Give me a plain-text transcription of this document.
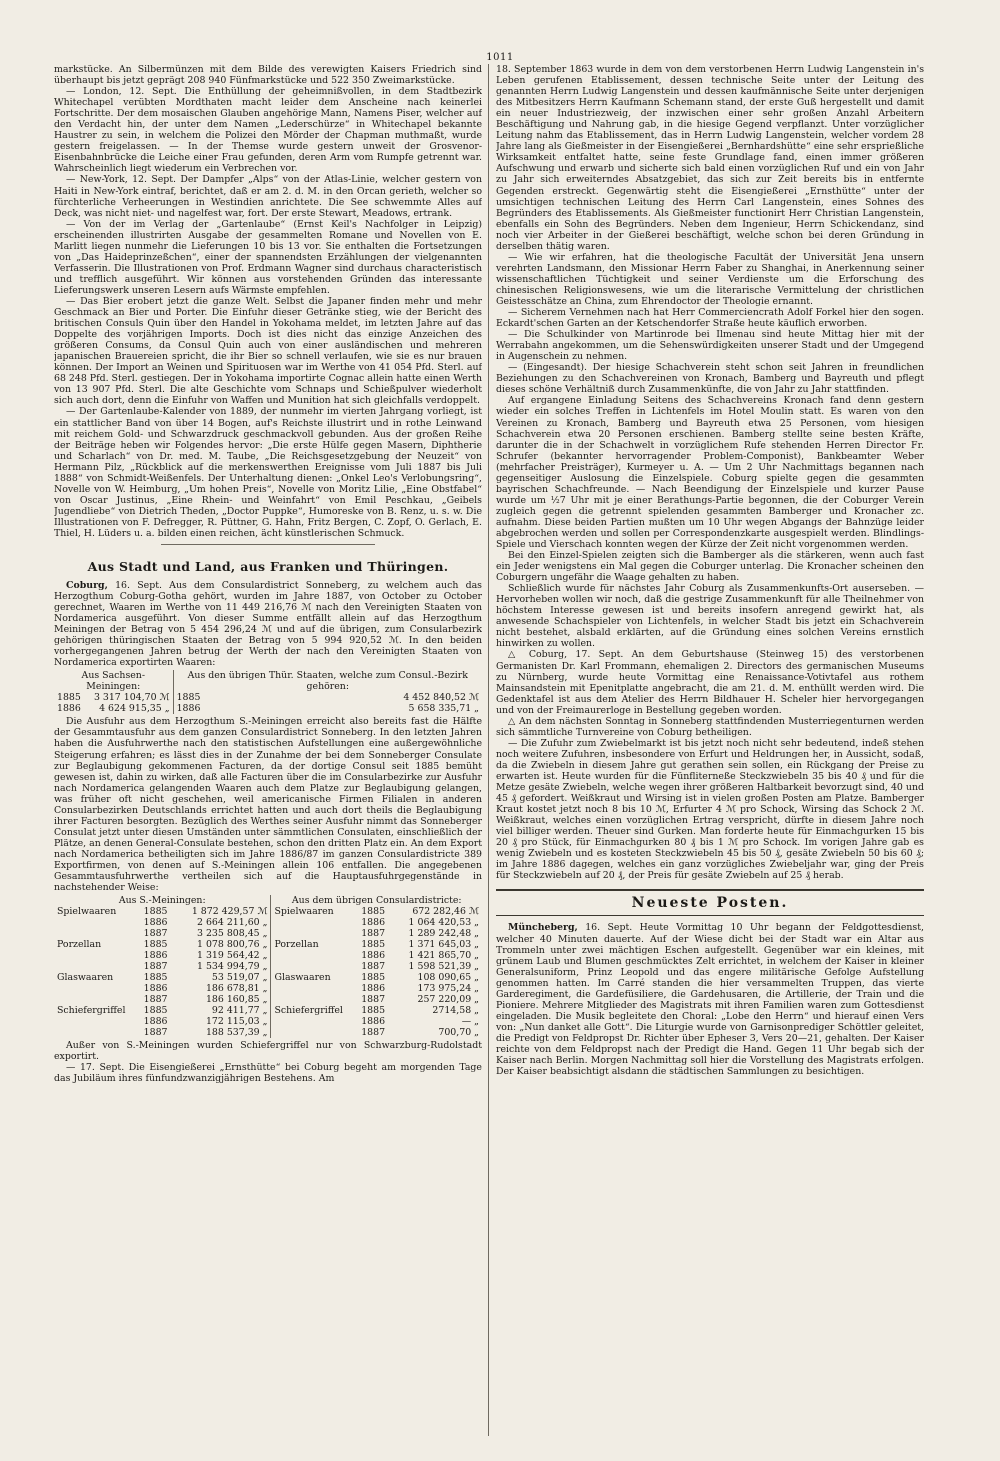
1011

markstücke. An Silbermünzen mit dem Bilde des verewigten Kaisers Friedrich sind überhaupt bis jetzt geprägt 208 940 Fünfmarkstücke und 522 350 Zweimarkstücke.

— London, 12. Sept. Die Enthüllung der geheimnißvollen, in dem Stadtbezirk Whitechapel verübten Mordthaten macht leider dem Anscheine nach keinerlei Fortschritte. Der dem mosaischen Glauben angehörige Mann, Namens Piser, welcher auf den Verdacht hin, der unter dem Namen „Lederschürze“ in Whitechapel bekannte Haustrer zu sein, in welchem die Polizei den Mörder der Chapman muthmaßt, wurde gestern freigelassen. — In der Themse wurde gestern unweit der Grosvenor-Eisenbahnbrücke die Leiche einer Frau gefunden, deren Arm vom Rumpfe getrennt war. Wahrscheinlich liegt wiederum ein Verbrechen vor.

— New-York, 12. Sept. Der Dampfer „Alps“ von der Atlas-Linie, welcher gestern von Haiti in New-York eintraf, berichtet, daß er am 2. d. M. in den Orcan gerieth, welcher so fürchterliche Verheerungen in Westindien anrichtete. Die See schwemmte Alles auf Deck, was nicht niet- und nagelfest war, fort. Der erste Stewart, Meadows, ertrank.

— Von der im Verlag der „Gartenlaube“ (Ernst Keil's Nachfolger in Leipzig) erscheinenden illustrirten Ausgabe der gesammelten Romane und Novellen von E. Marlitt liegen nunmehr die Lieferungen 10 bis 13 vor. Sie enthalten die Fortsetzungen von „Das Haideprinzeßchen“, einer der spannendsten Erzählungen der vielgenannten Verfasserin. Die Illustrationen von Prof. Erdmann Wagner sind durchaus characteristisch und trefflich ausgeführt. Wir können aus vorstehenden Gründen das interessante Lieferungswerk unseren Lesern aufs Wärmste empfehlen.

— Das Bier erobert jetzt die ganze Welt. Selbst die Japaner finden mehr und mehr Geschmack an Bier und Porter. Die Einfuhr dieser Getränke stieg, wie der Bericht des britischen Consuls Quin über den Handel in Yokohama meldet, im letzten Jahre auf das Doppelte des vorjährigen Imports. Doch ist dies nicht das einzige Anzeichen des größeren Consums, da Consul Quin auch von einer ausländischen und mehreren japanischen Brauereien spricht, die ihr Bier so schnell verlaufen, wie sie es nur brauen können. Der Import an Weinen und Spirituosen war im Werthe von 41 054 Pfd. Sterl. auf 68 248 Pfd. Sterl. gestiegen. Der in Yokohama importirte Cognac allein hatte einen Werth von 13 907 Pfd. Sterl. Die alte Geschichte vom Schnaps und Schießpulver wiederholt sich auch dort, denn die Einfuhr von Waffen und Munition hat sich gleichfalls verdoppelt.

— Der Gartenlaube-Kalender von 1889, der nunmehr im vierten Jahrgang vorliegt, ist ein stattlicher Band von über 14 Bogen, auf's Reichste illustrirt und in rothe Leinwand mit reichem Gold- und Schwarzdruck geschmackvoll gebunden. Aus der großen Reihe der Beiträge heben wir Folgendes hervor: „Die erste Hülfe gegen Masern, Diphtherie und Scharlach“ von Dr. med. M. Taube, „Die Reichsgesetzgebung der Neuzeit“ von Hermann Pilz, „Rückblick auf die merkenswerthen Ereignisse vom Juli 1887 bis Juli 1888“ von Schmidt-Weißenfels. Der Unterhaltung dienen: „Onkel Leo's Verlobungsring“, Novelle von W. Heimburg, „Um hohen Preis“, Novelle von Moritz Lilie, „Eine Obstfabel“ von Oscar Justinus, „Eine Rhein- und Weinfahrt“ von Emil Peschkau, „Geibels Jugendliebe“ von Dietrich Theden, „Doctor Puppke“, Humoreske von B. Renz, u. s. w. Die Illustrationen von F. Defregger, R. Püttner, G. Hahn, Fritz Bergen, C. Zopf, O. Gerlach, E. Thiel, H. Lüders u. a. bilden einen reichen, ächt künstlerischen Schmuck.

Aus Stadt und Land, aus Franken und Thüringen.

Coburg, 16. Sept. Aus dem Consulardistrict Sonneberg, zu welchem auch das Herzogthum Coburg-Gotha gehört, wurden im Jahre 1887, von October zu October gerechnet, Waaren im Werthe von 11 449 216,76 ℳ nach den Vereinigten Staaten von Nordamerica ausgeführt. Von dieser Summe entfällt allein auf das Herzogthum Meiningen der Betrag von 5 454 296,24 ℳ und auf die übrigen, zum Consularbezirk gehörigen thüringischen Staaten der Betrag von 5 994 920,52 ℳ. In den beiden vorhergegangenen Jahren betrug der Werth der nach den Vereinigten Staaten von Nordamerica exportirten Waaren:

Aus Sachsen-Meiningen:		Aus den übrigen Thür. Staaten, welche zum Consul.-Bezirk gehören:	
1885	3 317 104,70 ℳ	1885	4 452 840,52 ℳ
1886	4 624 915,35 „	1886	5 658 335,71 „

Die Ausfuhr aus dem Herzogthum S.-Meiningen erreicht also bereits fast die Hälfte der Gesammtausfuhr aus dem ganzen Consulardistrict Sonneberg. In den letzten Jahren haben die Ausfuhrwerthe nach den statistischen Aufstellungen eine außergewöhnliche Steigerung erfahren; es lässt dies in der Zunahme der bei dem Sonneberger Consulate zur Beglaubigung gekommenen Facturen, da der dortige Consul seit 1885 bemüht gewesen ist, dahin zu wirken, daß alle Facturen über die im Consularbezirke zur Ausfuhr nach Nordamerica gelangenden Waaren auch dem Platze zur Beglaubigung gelangen, was früher oft nicht geschehen, weil americanische Firmen Filialen in anderen Consularbezirken Deutschlands errichtet hatten und auch dort theils die Beglaubigung ihrer Facturen besorgten. Bezüglich des Werthes seiner Ausfuhr nimmt das Sonneberger Consulat jetzt unter diesen Umständen unter sämmtlichen Consulaten, einschließlich der Plätze, an denen General-Consulate bestehen, schon den dritten Platz ein. An dem Export nach Nordamerica betheiligten sich im Jahre 1886/87 im ganzen Consulardistricte 389 Exportfirmen, von denen auf S.-Meiningen allein 106 entfallen. Die angegebenen Gesammtausfuhrwerthe vertheilen sich auf die Hauptausfuhrgegenstände in nachstehender Weise:

Aus S.-Meiningen:			Aus dem übrigen Consulardistricte:		
Spielwaaren	1885	1 872 429,57 ℳ	Spielwaaren	1885	672 282,46 ℳ
	1886	2 664 211,60 „		1886	1 064 420,53 „
	1887	3 235 808,45 „		1887	1 289 242,48 „
Porzellan	1885	1 078 800,76 „	Porzellan	1885	1 371 645,03 „
	1886	1 319 564,42 „		1886	1 421 865,70 „
	1887	1 534 994,79 „		1887	1 598 521,39 „
Glaswaaren	1885	53 519,07 „	Glaswaaren	1885	108 090,65 „
	1886	186 678,81 „		1886	173 975,24 „
	1887	186 160,85 „		1887	257 220,09 „
Schiefergriffel	1885	92 411,77 „	Schiefergriffel	1885	2714,58 „
	1886	172 115,03 „		1886	— „
	1887	188 537,39 „		1887	700,70 „

Außer von S.-Meiningen wurden Schiefergriffel nur von Schwarzburg-Rudolstadt exportirt.

— 17. Sept. Die Eisengießerei „Ernsthütte“ bei Coburg begeht am morgenden Tage das Jubiläum ihres fünfundzwanzigjährigen Bestehens. Am

18. September 1863 wurde in dem von dem verstorbenen Herrn Ludwig Langenstein in's Leben gerufenen Etablissement, dessen technische Seite unter der Leitung des genannten Herrn Ludwig Langenstein und dessen kaufmännische Seite unter derjenigen des Mitbesitzers Herrn Kaufmann Schemann stand, der erste Guß hergestellt und damit ein neuer Industriezweig, der inzwischen einer sehr großen Anzahl Arbeitern Beschäftigung und Nahrung gab, in die hiesige Gegend verpflanzt. Unter vorzüglicher Leitung nahm das Etablissement, das in Herrn Ludwig Langenstein, welcher vordem 28 Jahre lang als Gießmeister in der Eisengießerei „Bernhardshütte“ eine sehr ersprießliche Wirksamkeit entfaltet hatte, seine feste Grundlage fand, einen immer größeren Aufschwung und erwarb und sicherte sich bald einen vorzüglichen Ruf und ein von Jahr zu Jahr sich erweiterndes Absatzgebiet, das sich zur Zeit bereits bis in entfernte Gegenden erstreckt. Gegenwärtig steht die Eisengießerei „Ernsthütte“ unter der umsichtigen technischen Leitung des Herrn Carl Langenstein, eines Sohnes des Begründers des Etablissements. Als Gießmeister functionirt Herr Christian Langenstein, ebenfalls ein Sohn des Begründers. Neben dem Ingenieur, Herrn Schickendanz, sind noch vier Arbeiter in der Gießerei beschäftigt, welche schon bei deren Gründung in derselben thätig waren.

— Wie wir erfahren, hat die theologische Facultät der Universität Jena unsern verehrten Landsmann, den Missionar Herrn Faber zu Shanghai, in Anerkennung seiner wissenschaftlichen Tüchtigkeit und seiner Verdienste um die Erforschung des chinesischen Religionswesens, wie um die literarische Vermittelung der christlichen Geistesschätze an China, zum Ehrendoctor der Theologie ernannt.

— Sicherem Vernehmen nach hat Herr Commerciencrath Adolf Forkel hier den sogen. Eckardt'schen Garten an der Ketschendorfer Straße heute käuflich erworben.

— Die Schulkinder von Martinrode bei Ilmenau sind heute Mittag hier mit der Werrabahn angekommen, um die Sehenswürdigkeiten unserer Stadt und der Umgegend in Augenschein zu nehmen.

— (Eingesandt). Der hiesige Schachverein steht schon seit Jahren in freundlichen Beziehungen zu den Schachvereinen von Kronach, Bamberg und Bayreuth und pflegt dieses schöne Verhältniß durch Zusammenkünfte, die von Jahr zu Jahr stattfinden.

Auf ergangene Einladung Seitens des Schachvereins Kronach fand denn gestern wieder ein solches Treffen in Lichtenfels im Hotel Moulin statt. Es waren von den Vereinen zu Kronach, Bamberg und Bayreuth etwa 25 Personen, vom hiesigen Schachverein etwa 20 Personen erschienen. Bamberg stellte seine besten Kräfte, darunter die in der Schachwelt in vorzüglichem Rufe stehenden Herren Director Fr. Schrufer (bekannter hervorragender Problem-Componist), Bankbeamter Weber (mehrfacher Preisträger), Kurmeyer u. A. — Um 2 Uhr Nachmittags begannen nach gegenseitiger Auslosung die Einzelspiele. Coburg spielte gegen die gesammten bayrischen Schachfreunde. — Nach Beendigung der Einzelspiele und kurzer Pause wurde um ½7 Uhr mit je einer Berathungs-Partie begonnen, die der Coburger Verein zugleich gegen die getrennt spielenden gesammten Bamberger und Kronacher zc. aufnahm. Diese beiden Partien mußten um 10 Uhr wegen Abgangs der Bahnzüge leider abgebrochen werden und sollen per Correspondenzkarte ausgespielt werden. Blindlings-Spiele und Vierschach konnten wegen der Kürze der Zeit nicht vorgenommen werden.

Bei den Einzel-Spielen zeigten sich die Bamberger als die stärkeren, wenn auch fast ein Jeder wenigstens ein Mal gegen die Coburger unterlag. Die Kronacher scheinen den Coburgern ungefähr die Waage gehalten zu haben.

Schließlich wurde für nächstes Jahr Coburg als Zusammenkunfts-Ort auserseben. — Hervorheben wollen wir noch, daß die gestrige Zusammenkunft für alle Theilnehmer von höchstem Interesse gewesen ist und bereits insofern anregend gewirkt hat, als anwesende Schachspieler von Lichtenfels, in welcher Stadt bis jetzt ein Schachverein nicht bestehet, alsbald erklärten, auf die Gründung eines solchen Vereins ernstlich hinwirken zu wollen.

△ Coburg, 17. Sept. An dem Geburtshause (Steinweg 15) des verstorbenen Germanisten Dr. Karl Frommann, ehemaligen 2. Directors des germanischen Museums zu Nürnberg, wurde heute Vormittag eine Renaissance-Votivtafel aus rothem Mainsandstein mit Epenitplatte angebracht, die am 21. d. M. enthüllt werden wird. Die Gedenktafel ist aus dem Atelier des Herrn Bildhauer H. Scheler hier hervorgegangen und von der Freimaurerloge in Bestellung gegeben worden.

△ An dem nächsten Sonntag in Sonneberg stattfindenden Musterriegenturnen werden sich sämmtliche Turnvereine von Coburg betheiligen.

— Die Zufuhr zum Zwiebelmarkt ist bis jetzt noch nicht sehr bedeutend, indeß stehen noch weitere Zufuhren, insbesondere von Erfurt und Heldrungen her, in Aussicht, sodaß, da die Zwiebeln in diesem Jahre gut gerathen sein sollen, ein Rückgang der Preise zu erwarten ist. Heute wurden für die Fünfliterneße Steckzwiebeln 35 bis 40 ₰ und für die Metze gesäte Zwiebeln, welche wegen ihrer größeren Haltbarkeit bevorzugt sind, 40 und 45 ₰ gefordert. Weißkraut und Wirsing ist in vielen großen Posten am Platze. Bamberger Kraut kostet jetzt noch 8 bis 10 ℳ, Erfurter 4 ℳ pro Schock, Wirsing das Schock 2 ℳ. Weißkraut, welches einen vorzüglichen Ertrag verspricht, dürfte in diesem Jahre noch viel billiger werden. Theuer sind Gurken. Man forderte heute für Einmachgurken 15 bis 20 ₰ pro Stück, für Einmachgurken 80 ₰ bis 1 ℳ pro Schock. Im vorigen Jahre gab es wenig Zwiebeln und es kosteten Steckzwiebeln 45 bis 50 ₰, gesäte Zwiebeln 50 bis 60 ₰; im Jahre 1886 dagegen, welches ein ganz vorzügliches Zwiebeljahr war, ging der Preis für Steckzwiebeln auf 20 ₰, der Preis für gesäte Zwiebeln auf 25 ₰ herab.

Neueste Posten.

Müncheberg, 16. Sept. Heute Vormittag 10 Uhr begann der Feldgottesdienst, welcher 40 Minuten dauerte. Auf der Wiese dicht bei der Stadt war ein Altar aus Trommeln unter zwei mächtigen Eschen aufgestellt. Gegenüber war ein kleines, mit grünem Laub und Blumen geschmücktes Zelt errichtet, in welchem der Kaiser in kleiner Generalsuniform, Prinz Leopold und das engere militärische Gefolge Aufstellung genommen hatten. Im Carré standen die hier versammelten Truppen, das vierte Garderegiment, die Gardefüsiliere, die Gardehusaren, die Artillerie, der Train und die Pioniere. Mehrere Mitglieder des Magistrats mit ihren Familien waren zum Gottesdienst eingeladen. Die Musik begleitete den Choral: „Lobe den Herrn“ und hierauf einen Vers von: „Nun danket alle Gott“. Die Liturgie wurde von Garnisonprediger Schöttler geleitet, die Predigt von Feldpropst Dr. Richter über Epheser 3, Vers 20—21, gehalten. Der Kaiser reichte von dem Feldpropst nach der Predigt die Hand. Gegen 11 Uhr begab sich der Kaiser nach Berlin. Morgen Nachmittag soll hier die Vorstellung des Magistrats erfolgen. Der Kaiser beabsichtigt alsdann die städtischen Sammlungen zu besichtigen.
